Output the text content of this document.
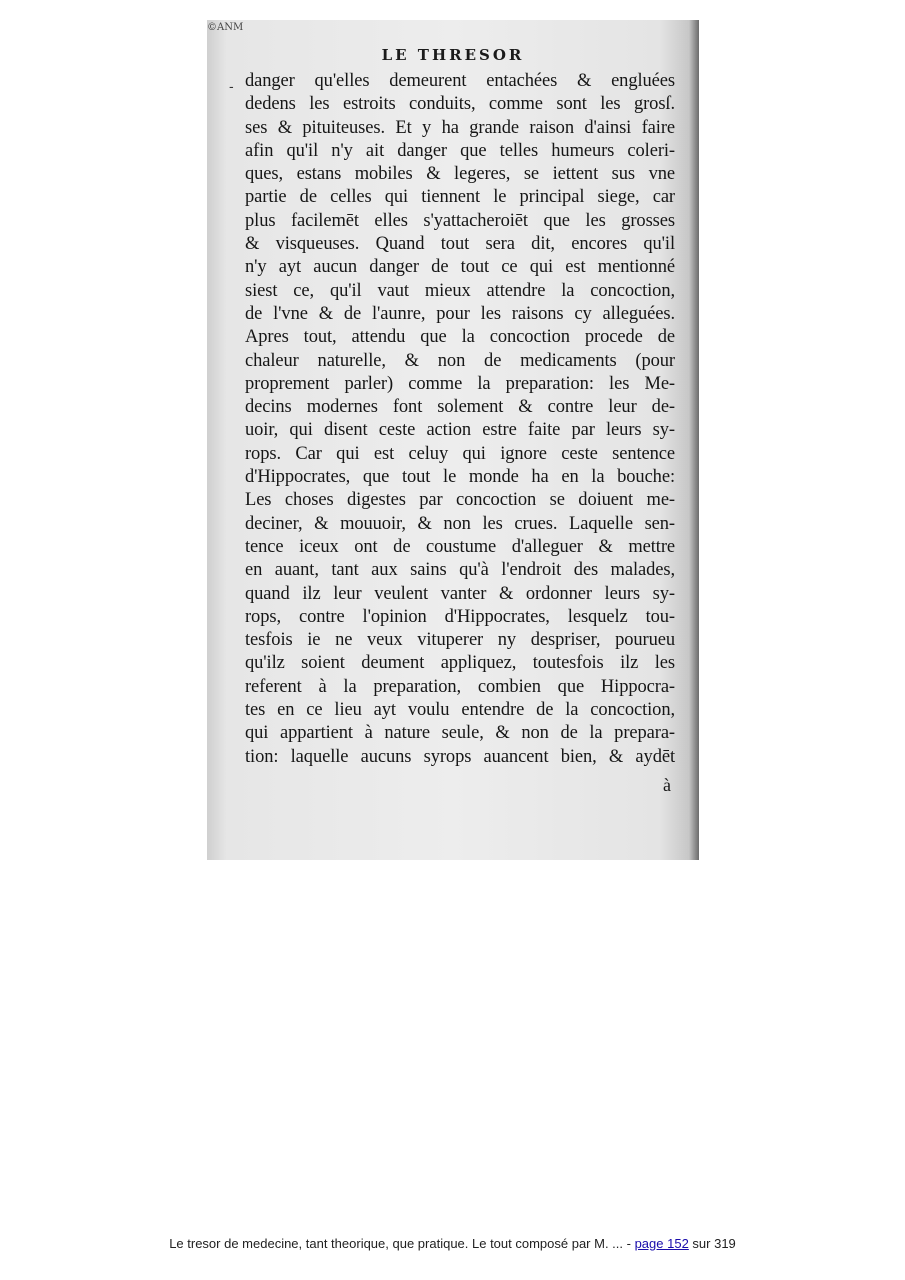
©ANM
-
LE THRESOR
danger qu'elles demeurent entachées & engluées
dedens les estroits conduits, comme sont les grosſ.
ses & pituiteuses. Et y ha grande raison d'ainsi faire
afin qu'il n'y ait danger que telles humeurs coleri-
ques, estans mobiles & legeres, se iettent sus vne
partie de celles qui tiennent le principal siege, car
plus facilemēt elles s'yattacheroiēt que les grosses
& visqueuses. Quand tout sera dit, encores qu'il
n'y ayt aucun danger de tout ce qui est mentionné
siest ce, qu'il vaut mieux attendre la concoction,
de l'vne & de l'aunre, pour les raisons cy alleguées.
Apres tout, attendu que la concoction procede de
chaleur naturelle, & non de medicaments (pour
proprement parler) comme la preparation: les Me-
decins modernes font solement & contre leur de-
uoir, qui disent ceste action estre faite par leurs sy-
rops. Car qui est celuy qui ignore ceste sentence
d'Hippocrates, que tout le monde ha en la bouche:
Les choses digestes par concoction se doiuent me-
deciner, & mouuoir, & non les crues. Laquelle sen-
tence iceux ont de coustume d'alleguer & mettre
en auant, tant aux sains qu'à l'endroit des malades,
quand ilz leur veulent vanter & ordonner leurs sy-
rops, contre l'opinion d'Hippocrates, lesquelz tou-
tesfois ie ne veux vituperer ny despriser, pourueu
qu'ilz soient deument appliquez, toutesfois ilz les
referent à la preparation, combien que Hippocra-
tes en ce lieu ayt voulu entendre de la concoction,
qui appartient à nature seule, & non de la prepara-
tion: laquelle aucuns syrops auancent bien, & aydēt
à
Le tresor de medecine, tant theorique, que pratique. Le tout composé par M. ... - page 152 sur 319
